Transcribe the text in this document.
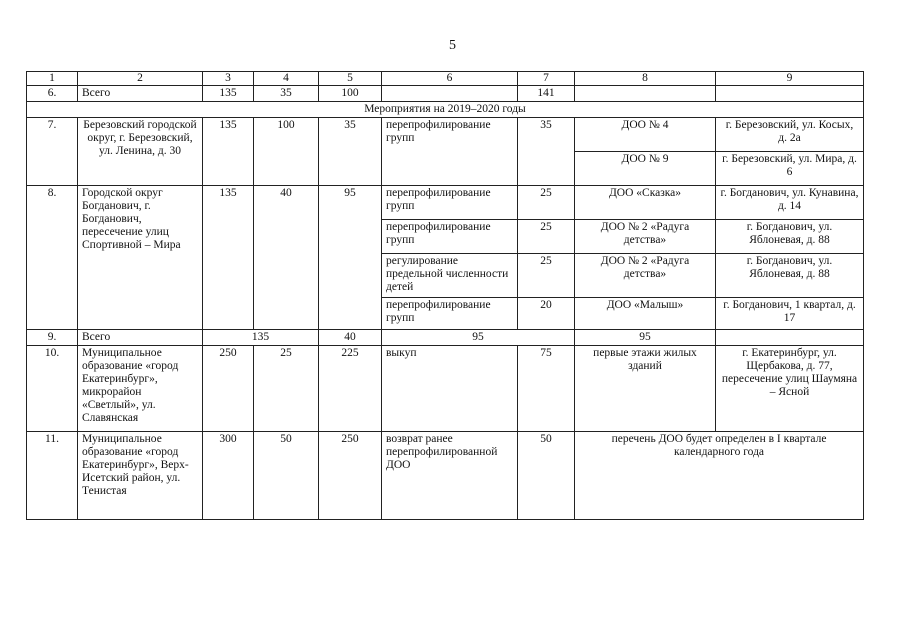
5
1	2	3	4	5	6	7	8	9
6.	Всего	135	35	100		141		
Мероприятия на 2019–2020 годы								
7.	Березовский городской округ, г. Березовский, ул. Ленина, д. 30	135	100	35	перепрофилирование групп	35	ДОО № 4	г. Березовский, ул. Косых, д. 2а
							ДОО № 9	г. Березовский, ул. Мира, д. 6
8.	Городской округ Богданович, г. Богданович, пересечение улиц Спортивной – Мира	135	40	95	перепрофилирование групп	25	ДОО «Сказка»	г. Богданович, ул. Кунавина, д. 14
					перепрофилирование групп	25	ДОО № 2 «Радуга детства»	г. Богданович, ул. Яблоневая, д. 88
					регулирование предельной численности детей	25	ДОО № 2 «Радуга детства»	г. Богданович, ул. Яблоневая, д. 88
					перепрофилирование групп	20	ДОО «Малыш»	г. Богданович, 1 квартал, д. 17
9.	Всего	135		40	95		95	
10.	Муниципальное образование «город Екатеринбург», микрорайон «Светлый», ул. Славянская	250	25	225	выкуп	75	первые этажи жилых зданий	г. Екатеринбург, ул. Щербакова, д. 77, пересечение улиц Шаумяна – Ясной
11.	Муниципальное образование «город Екатеринбург», Верх-Исетский район, ул. Тенистая	300	50	250	возврат ранее перепрофилированной ДОО	50	перечень ДОО будет определен в I квартале календарного года	
